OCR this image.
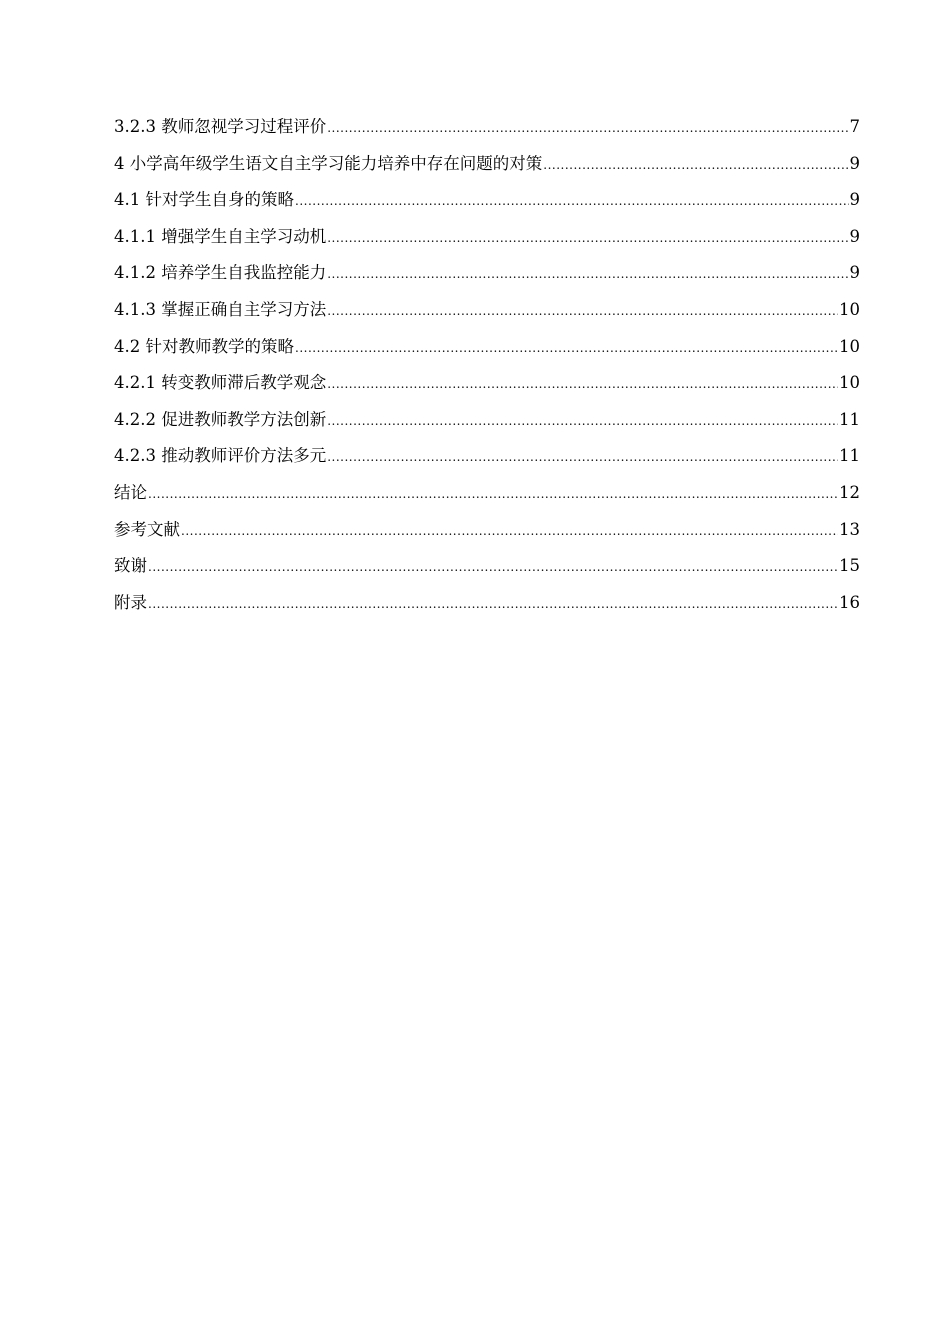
3.2.3 教师忽视学习过程评价 .....	7
4 小学高年级学生语文自主学习能力培养中存在问题的对策 .....	9
4.1 针对学生自身的策略 .....	9
4.1.1 增强学生自主学习动机 .....	9
4.1.2 培养学生自我监控能力 .....	9
4.1.3 掌握正确自主学习方法 .....	10
4.2 针对教师教学的策略 .....	10
4.2.1 转变教师滞后教学观念 .....	10
4.2.2 促进教师教学方法创新 .....	11
4.2.3 推动教师评价方法多元 .....	11
结论 .....	12
参考文献 .....	13
致谢 .....	15
附录 .....	16
